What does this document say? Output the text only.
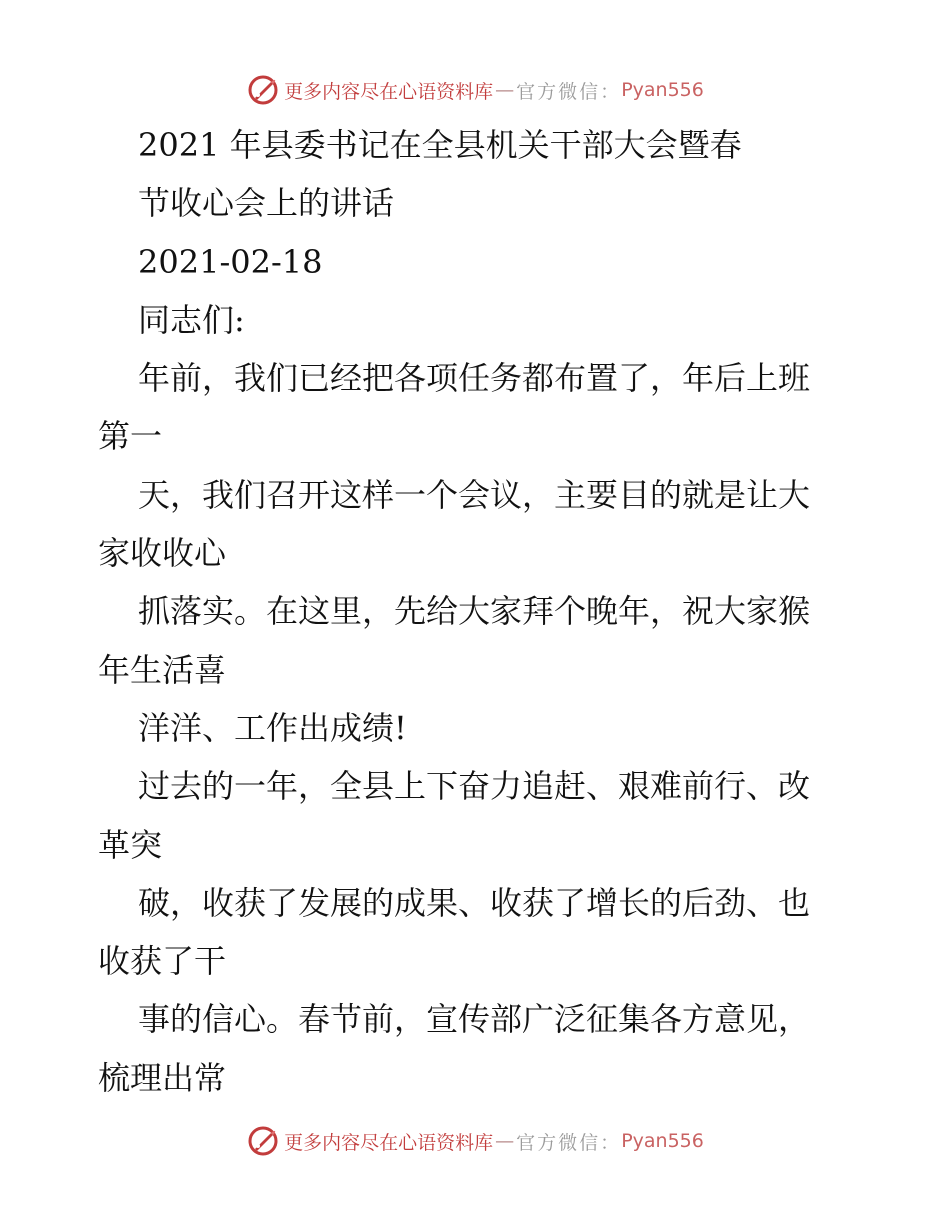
更多内容尽在心语资料库 — 官方微信： Pyan556
2021 年县委书记在全县机关干部大会暨春
节收心会上的讲话
2021-02-18
同志们:
年前，我们已经把各项任务都布置了，年后上班
第一
天，我们召开这样一个会议，主要目的就是让大
家收收心
抓落实。在这里，先给大家拜个晚年，祝大家猴
年生活喜
洋洋、工作出成绩!
过去的一年，全县上下奋力追赶、艰难前行、改
革突
破，收获了发展的成果、收获了增长的后劲、也
收获了干
事的信心。春节前，宣传部广泛征集各方意见，
梳理出常
更多内容尽在心语资料库 — 官方微信： Pyan556
